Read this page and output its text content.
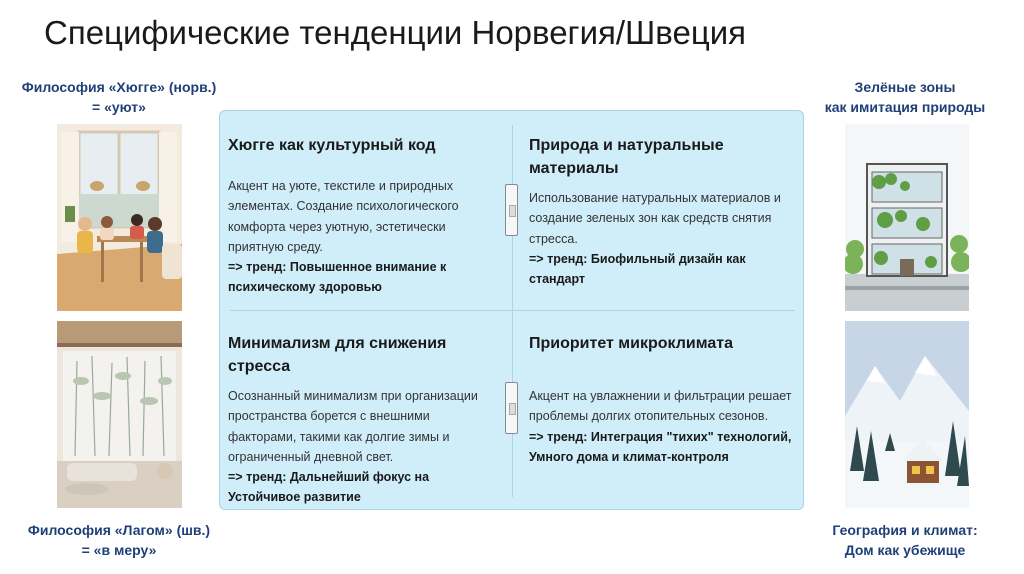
Специфические тенденции Норвегия/Швеция
Философия «Хюгге» (норв.)
= «уют»
Философия «Лагом» (шв.)
= «в меру»
Зелёные зоны
как имитация природы
География и климат:
Дом как убежище
Хюгге как культурный код
Акцент на уюте, текстиле и природных элементах. Создание психологического комфорта через уютную, эстетически приятную среду.
=> тренд: Повышенное внимание к психическому здоровью
Природа и натуральные материалы
Использование натуральных материалов и создание зеленых зон как средств снятия стресса.
=> тренд: Биофильный дизайн как стандарт
Минимализм для снижения стресса
Осознанный минимализм при организации пространства борется с внешними факторами, такими как долгие зимы и ограниченный дневной свет.
=> тренд: Дальнейший фокус на Устойчивое развитие
Приоритет микроклимата
Акцент на увлажнении и фильтрации решает проблемы долгих отопительных сезонов.
=> тренд: Интеграция "тихих" технологий, Умного дома и климат-контроля
